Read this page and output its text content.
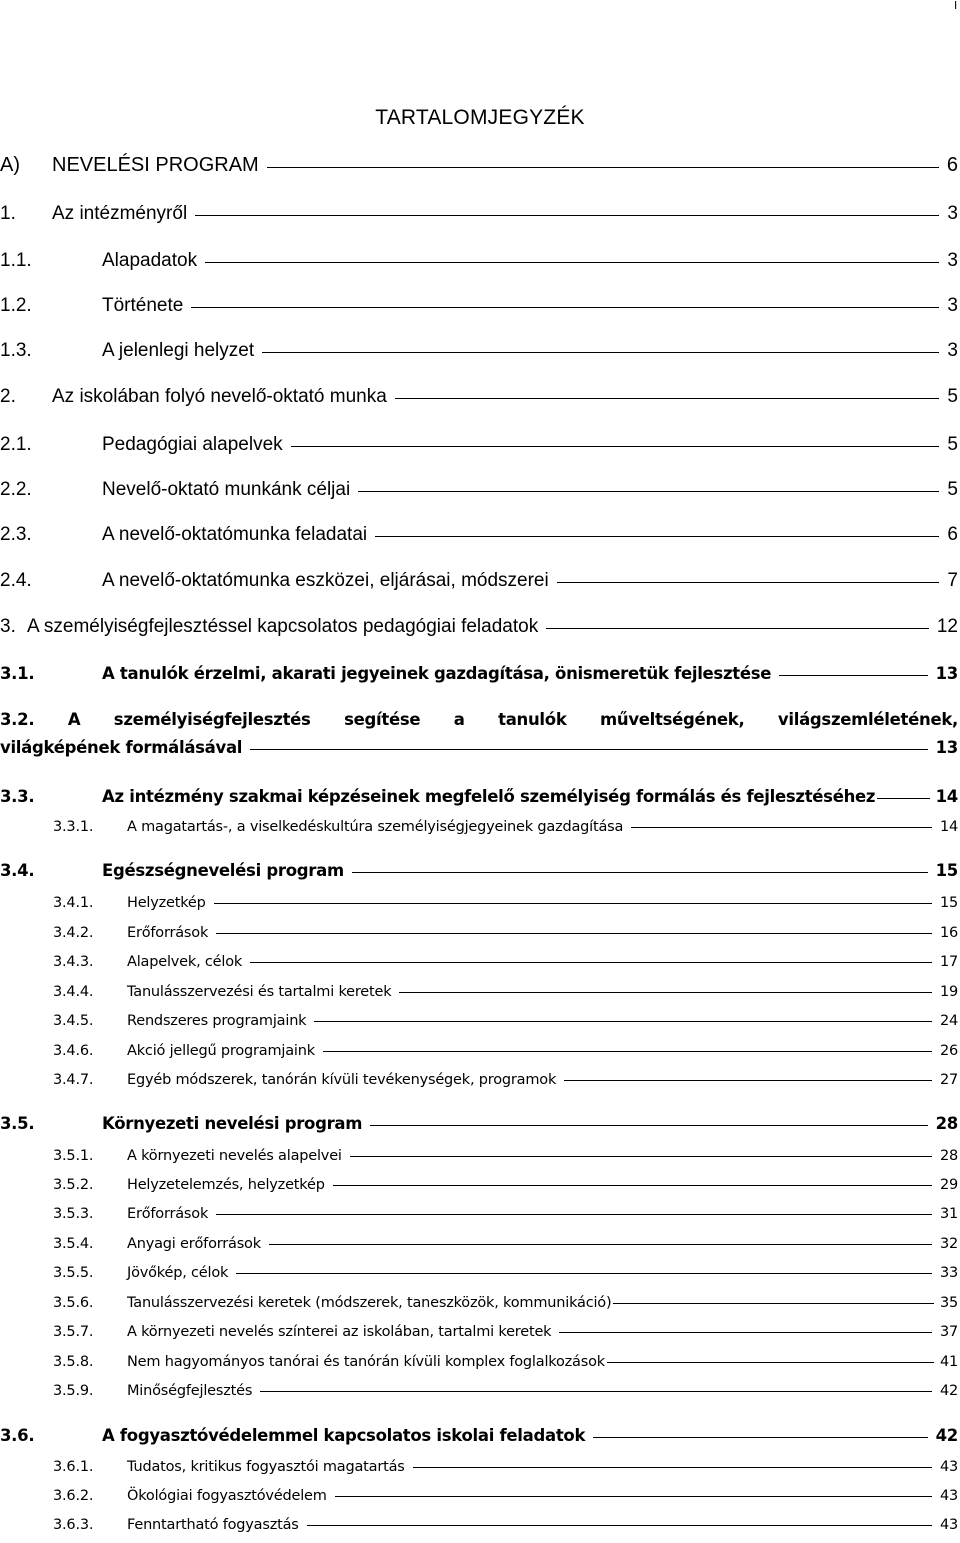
I
TARTALOMJEGYZÉK
A)	NEVELÉSI PROGRAM	6
1.	Az intézményről	3
1.1.	Alapadatok	3
1.2.	Története	3
1.3.	A jelenlegi helyzet	3
2.	Az iskolában folyó nevelő-oktató munka	5
2.1.	Pedagógiai alapelvek	5
2.2.	Nevelő-oktató munkánk céljai	5
2.3.	A nevelő-oktatómunka feladatai	6
2.4.	A nevelő-oktatómunka eszközei, eljárásai, módszerei	7
3. A személyiségfejlesztéssel kapcsolatos pedagógiai feladatok	12
3.1.	A tanulók érzelmi, akarati jegyeinek gazdagítása, önismeretük fejlesztése	13
3.2. A személyiségfejlesztés segítése a tanulók műveltségének, világszemléletének,
világképének formálásával	13
3.3.	Az intézmény szakmai képzéseinek megfelelő személyiség formálás és fejlesztéséhez	14
3.3.1.	A magatartás-, a viselkedéskultúra személyiségjegyeinek gazdagítása	14
3.4.	Egészségnevelési program	15
3.4.1.	Helyzetkép	15
3.4.2.	Erőforrások	16
3.4.3.	Alapelvek, célok	17
3.4.4.	Tanulásszervezési és tartalmi keretek	19
3.4.5.	Rendszeres programjaink	24
3.4.6.	Akció jellegű programjaink	26
3.4.7.	Egyéb módszerek, tanórán kívüli tevékenységek, programok	27
3.5.	Környezeti nevelési program	28
3.5.1.	A környezeti nevelés alapelvei	28
3.5.2.	Helyzetelemzés, helyzetkép	29
3.5.3.	Erőforrások	31
3.5.4.	Anyagi erőforrások	32
3.5.5.	Jövőkép, célok	33
3.5.6.	Tanulásszervezési keretek (módszerek, taneszközök, kommunikáció)	35
3.5.7.	A környezeti nevelés színterei az iskolában, tartalmi keretek	37
3.5.8.	Nem hagyományos tanórai és tanórán kívüli komplex foglalkozások	41
3.5.9.	Minőségfejlesztés	42
3.6.	A fogyasztóvédelemmel kapcsolatos iskolai feladatok	42
3.6.1.	Tudatos, kritikus fogyasztói magatartás	43
3.6.2.	Ökológiai fogyasztóvédelem	43
3.6.3.	Fenntartható fogyasztás	43
